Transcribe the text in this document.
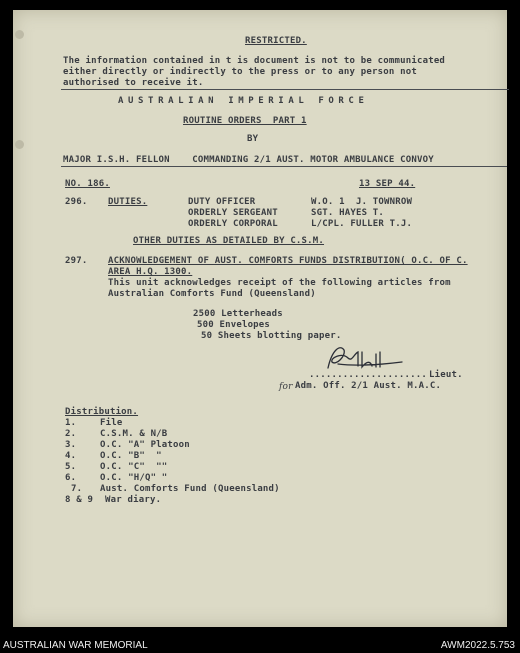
RESTRICTED.
The information contained in t is document is not to be communicated
either directly or indirectly to the press or to any person not
authorised to receive it.
AUSTRALIAN IMPERIAL FORCE
ROUTINE ORDERS  PART 1
BY
MAJOR I.S.H. FELLON    COMMANDING 2/1 AUST. MOTOR AMBULANCE CONVOY
NO. 186.	13 SEP 44.
296. DUTIES.	DUTY OFFICER	W.O. 1  J. TOWNROW
ORDERLY SERGEANT	SGT. HAYES T.
ORDERLY CORPORAL	L/CPL. FULLER T.J.
OTHER DUTIES AS DETAILED BY C.S.M.
297. ACKNOWLEDGEMENT OF AUST. COMFORTS FUNDS DISTRIBUTION( O.C. OF C.
AREA H.Q. 1300.
This unit acknowledges receipt of the following articles from
Australian Comforts Fund (Queensland)
2500 Letterheads
500 Envelopes
50 Sheets blotting paper.
..................... Lieut.
for Adm. Off. 2/1 Aust. M.A.C.
Distribution.
1.	File
2.	C.S.M. & N/B
3.	O.C. "A" Platoon
4.	O.C. "B"  "
5.	O.C. "C"  ""
6.	O.C. "H/Q" "
7. Aust. Comforts Fund (Queensland)
8 & 9 War diary.
AUSTRALIAN WAR MEMORIAL	AWM2022.5.753
